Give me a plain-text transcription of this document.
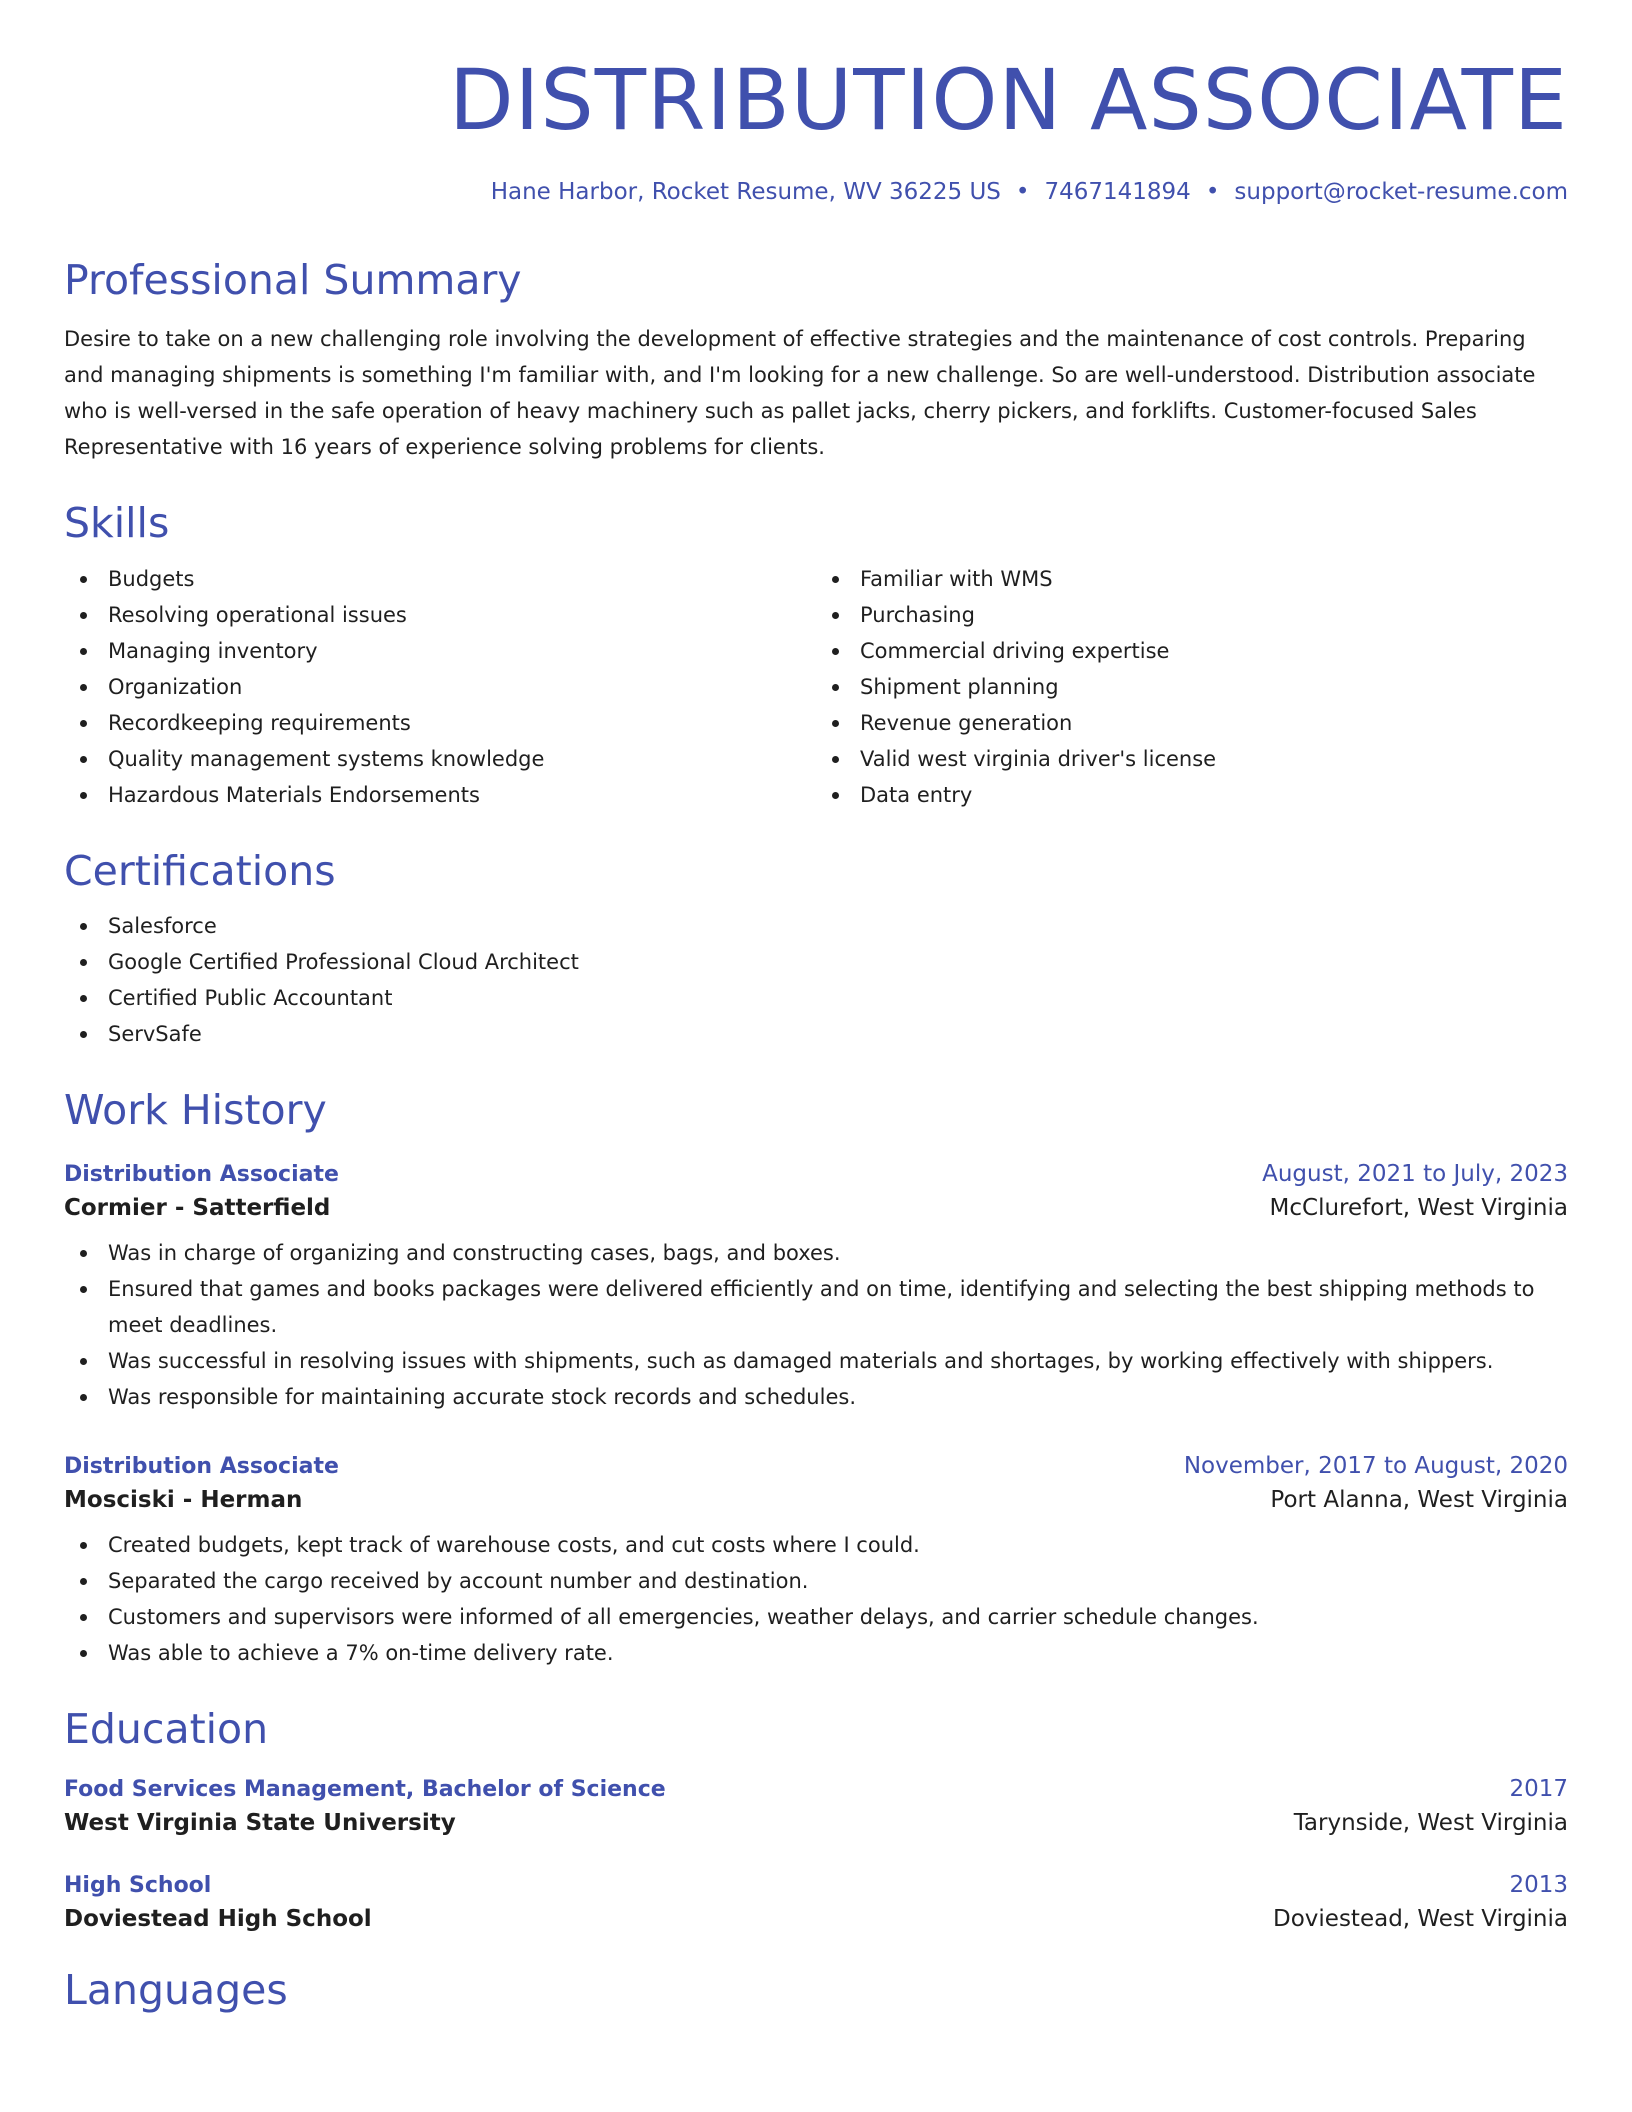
DISTRIBUTION ASSOCIATE
Hane Harbor, Rocket Resume, WV 36225 US • 7467141894 • support@rocket-resume.com
Professional Summary
Desire to take on a new challenging role involving the development of effective strategies and the maintenance of cost controls. Preparing and managing shipments is something I'm familiar with, and I'm looking for a new challenge. So are well-understood. Distribution associate who is well-versed in the safe operation of heavy machinery such as pallet jacks, cherry pickers, and forklifts. Customer-focused Sales Representative with 16 years of experience solving problems for clients.
Skills
Budgets
Resolving operational issues
Managing inventory
Organization
Recordkeeping requirements
Quality management systems knowledge
Hazardous Materials Endorsements
Familiar with WMS
Purchasing
Commercial driving expertise
Shipment planning
Revenue generation
Valid west virginia driver's license
Data entry
Certifications
Salesforce
Google Certified Professional Cloud Architect
Certified Public Accountant
ServSafe
Work History
Distribution Associate	August, 2021 to July, 2023
Cormier - Satterfield	McClurefort, West Virginia
Was in charge of organizing and constructing cases, bags, and boxes.
Ensured that games and books packages were delivered efficiently and on time, identifying and selecting the best shipping methods to meet deadlines.
Was successful in resolving issues with shipments, such as damaged materials and shortages, by working effectively with shippers.
Was responsible for maintaining accurate stock records and schedules.
Distribution Associate	November, 2017 to August, 2020
Mosciski - Herman	Port Alanna, West Virginia
Created budgets, kept track of warehouse costs, and cut costs where I could.
Separated the cargo received by account number and destination.
Customers and supervisors were informed of all emergencies, weather delays, and carrier schedule changes.
Was able to achieve a 7% on-time delivery rate.
Education
Food Services Management, Bachelor of Science	2017
West Virginia State University	Tarynside, West Virginia
High School	2013
Doviestead High School	Doviestead, West Virginia
Languages
